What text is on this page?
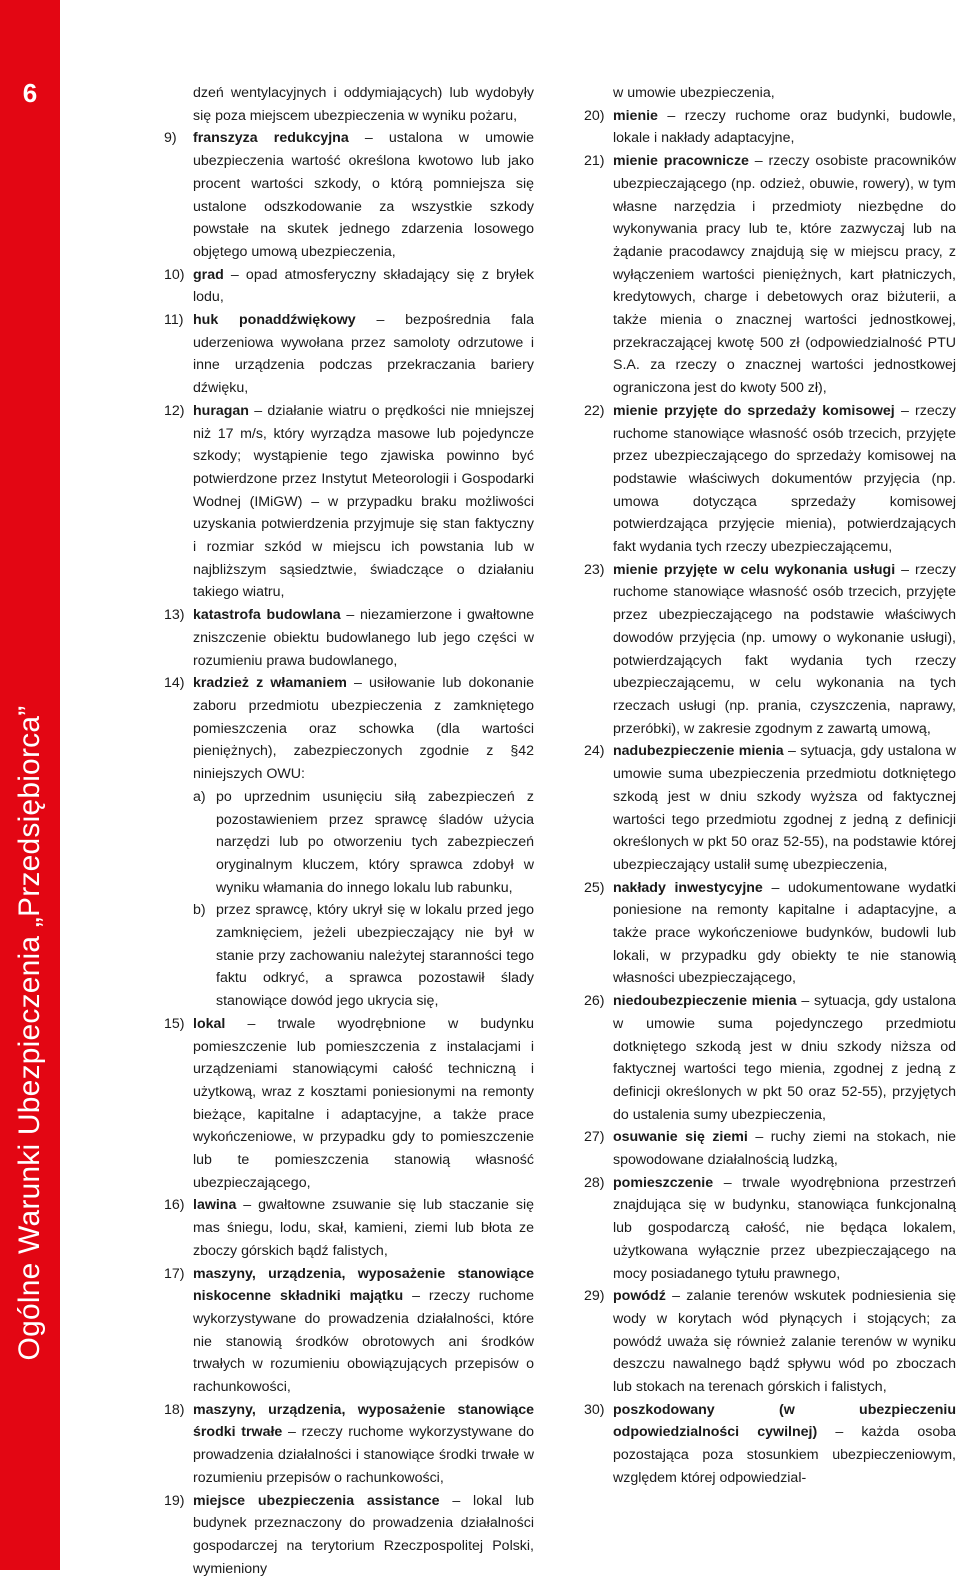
6
Ogólne Warunki Ubezpieczenia „Przedsiębiorca”

dzeń wentylacyjnych i oddymiających) lub wydobyły się poza miejscem ubezpieczenia w wyniku pożaru,

9) franszyza redukcyjna – ustalona w umowie ubezpieczenia wartość określona kwotowo lub jako procent wartości szkody, o którą pomniejsza się ustalone odszkodowanie za wszystkie szkody powstałe na skutek jednego zdarzenia losowego objętego umową ubezpieczenia,

10) grad – opad atmosferyczny składający się z bryłek lodu,

11) huk ponaddźwiękowy – bezpośrednia fala uderzeniowa wywołana przez samoloty odrzutowe i inne urządzenia podczas przekraczania bariery dźwięku,

12) huragan – działanie wiatru o prędkości nie mniejszej niż 17 m/s, który wyrządza masowe lub pojedyncze szkody; wystąpienie tego zjawiska powinno być potwierdzone przez Instytut Meteorologii i Gospodarki Wodnej (IMiGW) – w przypadku braku możliwości uzyskania potwierdzenia przyjmuje się stan faktyczny i rozmiar szkód w miejscu ich powstania lub w najbliższym sąsiedztwie, świadczące o działaniu takiego wiatru,

13) katastrofa budowlana – niezamierzone i gwałtowne zniszczenie obiektu budowlanego lub jego części w rozumieniu prawa budowlanego,

14) kradzież z włamaniem – usiłowanie lub dokonanie zaboru przedmiotu ubezpieczenia z zamkniętego pomieszczenia oraz schowka (dla wartości pieniężnych), zabezpieczonych zgodnie z §42 niniejszych OWU:

a) po uprzednim usunięciu siłą zabezpieczeń z pozostawieniem przez sprawcę śladów użycia narzędzi lub po otworzeniu tych zabezpieczeń oryginalnym kluczem, który sprawca zdobył w wyniku włamania do innego lokalu lub rabunku,

b) przez sprawcę, który ukrył się w lokalu przed jego zamknięciem, jeżeli ubezpieczający nie był w stanie przy zachowaniu należytej staranności tego faktu odkryć, a sprawca pozostawił ślady stanowiące dowód jego ukrycia się,

15) lokal – trwale wyodrębnione w budynku pomieszczenie lub pomieszczenia z instalacjami i urządzeniami stanowiącymi całość techniczną i użytkową, wraz z kosztami poniesionymi na remonty bieżące, kapitalne i adaptacyjne, a także prace wykończeniowe, w przypadku gdy to pomieszczenie lub te pomieszczenia stanowią własność ubezpieczającego,

16) lawina – gwałtowne zsuwanie się lub staczanie się mas śniegu, lodu, skał, kamieni, ziemi lub błota ze zboczy górskich bądź falistych,

17) maszyny, urządzenia, wyposażenie stanowiące niskocenne składniki majątku – rzeczy ruchome wykorzystywane do prowadzenia działalności, które nie stanowią środków obrotowych ani środków trwałych w rozumieniu obowiązujących przepisów o rachunkowości,

18) maszyny, urządzenia, wyposażenie stanowiące środki trwałe – rzeczy ruchome wykorzystywane do prowadzenia działalności i stanowiące środki trwałe w rozumieniu przepisów o rachunkowości,

19) miejsce ubezpieczenia assistance – lokal lub budynek przeznaczony do prowadzenia działalności gospodarczej na terytorium Rzeczpospolitej Polski, wymieniony

w umowie ubezpieczenia,

20) mienie – rzeczy ruchome oraz budynki, budowle, lokale i nakłady adaptacyjne,

21) mienie pracownicze – rzeczy osobiste pracowników ubezpieczającego (np. odzież, obuwie, rowery), w tym własne narzędzia i przedmioty niezbędne do wykonywania pracy lub te, które zazwyczaj lub na żądanie pracodawcy znajdują się w miejscu pracy, z wyłączeniem wartości pieniężnych, kart płatniczych, kredytowych, charge i debetowych oraz biżuterii, a także mienia o znacznej wartości jednostkowej, przekraczającej kwotę 500 zł (odpowiedzialność PTU S.A. za rzeczy o znacznej wartości jednostkowej ograniczona jest do kwoty 500 zł),

22) mienie przyjęte do sprzedaży komisowej – rzeczy ruchome stanowiące własność osób trzecich, przyjęte przez ubezpieczającego do sprzedaży komisowej na podstawie właściwych dokumentów przyjęcia (np. umowa dotycząca sprzedaży komisowej potwierdzająca przyjęcie mienia), potwierdzających fakt wydania tych rzeczy ubezpieczającemu,

23) mienie przyjęte w celu wykonania usługi – rzeczy ruchome stanowiące własność osób trzecich, przyjęte przez ubezpieczającego na podstawie właściwych dowodów przyjęcia (np. umowy o wykonanie usługi), potwierdzających fakt wydania tych rzeczy ubezpieczającemu, w celu wykonania na tych rzeczach usługi (np. prania, czyszczenia, naprawy, przeróbki), w zakresie zgodnym z zawartą umową,

24) nadubezpieczenie mienia – sytuacja, gdy ustalona w umowie suma ubezpieczenia przedmiotu dotkniętego szkodą jest w dniu szkody wyższa od faktycznej wartości tego przedmiotu zgodnej z jedną z definicji określonych w pkt 50 oraz 52-55), na podstawie której ubezpieczający ustalił sumę ubezpieczenia,

25) nakłady inwestycyjne – udokumentowane wydatki poniesione na remonty kapitalne i adaptacyjne, a także prace wykończeniowe budynków, budowli lub lokali, w przypadku gdy obiekty te nie stanowią własności ubezpieczającego,

26) niedoubezpieczenie mienia – sytuacja, gdy ustalona w umowie suma pojedynczego przedmiotu dotkniętego szkodą jest w dniu szkody niższa od faktycznej wartości tego mienia, zgodnej z jedną z definicji określonych w pkt 50 oraz 52-55), przyjętych do ustalenia sumy ubezpieczenia,

27) osuwanie się ziemi – ruchy ziemi na stokach, nie spowodowane działalnością ludzką,

28) pomieszczenie – trwale wyodrębniona przestrzeń znajdująca się w budynku, stanowiąca funkcjonalną lub gospodarczą całość, nie będąca lokalem, użytkowana wyłącznie przez ubezpieczającego na mocy posiadanego tytułu prawnego,

29) powódź – zalanie terenów wskutek podniesienia się wody w korytach wód płynących i stojących; za powódź uważa się również zalanie terenów w wyniku deszczu nawalnego bądź spływu wód po zboczach lub stokach na terenach górskich i falistych,

30) poszkodowany (w ubezpieczeniu odpowiedzialności cywilnej) – każda osoba pozostająca poza stosunkiem ubezpieczeniowym, względem której odpowiedzial-
